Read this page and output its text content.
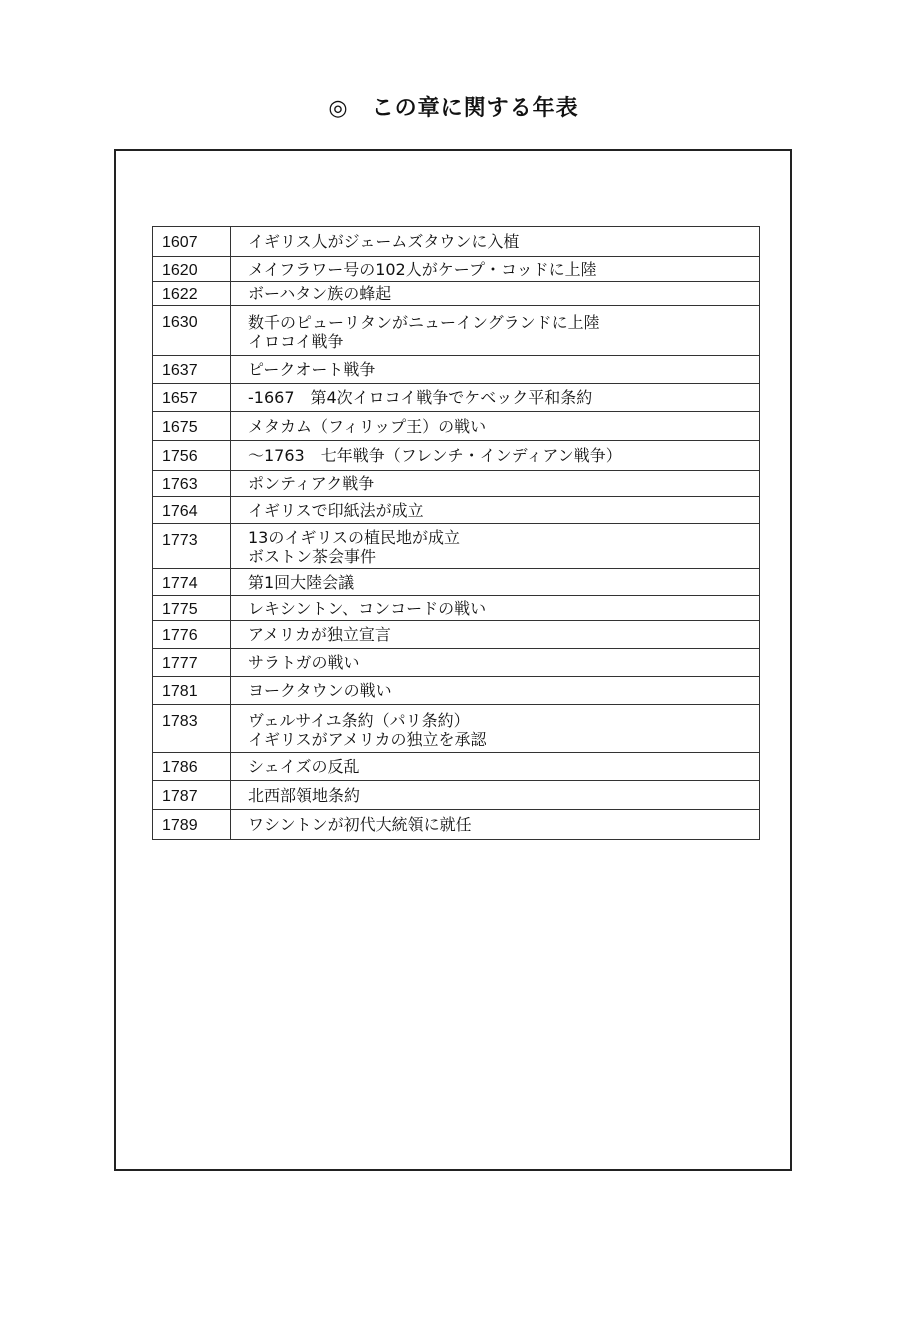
◎　この章に関する年表
1607	イギリス人がジェームズタウンに入植

1620	メイフラワー号の102人がケープ・コッドに上陸

1622	ボーハタン族の蜂起

1630	数千のピューリタンがニューイングランドに上陸
イロコイ戦争

1637	ピークオート戦争

1657	-1667　第4次イロコイ戦争でケベック平和条約

1675	メタカム（フィリップ王）の戦い

1756	～1763　七年戦争（フレンチ・インディアン戦争）

1763	ポンティアク戦争

1764	イギリスで印紙法が成立

1773	13のイギリスの植民地が成立
ボストン茶会事件

1774	第1回大陸会議

1775	レキシントン、コンコードの戦い

1776	アメリカが独立宣言

1777	サラトガの戦い

1781	ヨークタウンの戦い

1783	ヴェルサイユ条約（パリ条約）
イギリスがアメリカの独立を承認

1786	シェイズの反乱

1787	北西部領地条約

1789	ワシントンが初代大統領に就任
